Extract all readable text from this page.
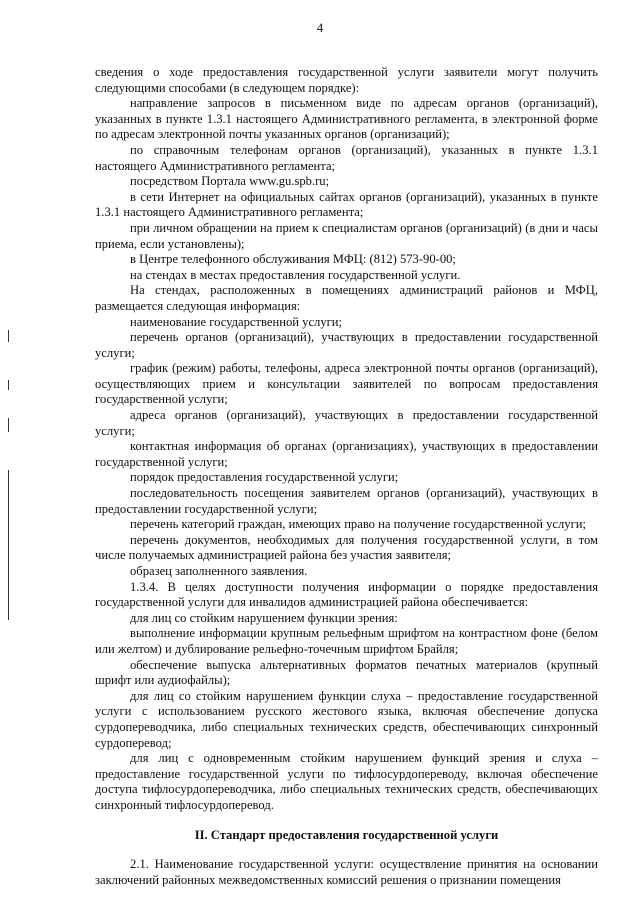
4

сведения о ходе предоставления государственной услуги заявители могут получить следующими способами (в следующем порядке):

направление запросов в письменном виде по адресам органов (организаций), указанных в пункте 1.3.1 настоящего Административного регламента, в электронной форме по адресам электронной почты указанных органов (организаций);

по справочным телефонам органов (организаций), указанных в пункте 1.3.1 настоящего Административного регламента;

посредством Портала www.gu.spb.ru;

в сети Интернет на официальных сайтах органов (организаций), указанных в пункте 1.3.1 настоящего Административного регламента;

при личном обращении на прием к специалистам органов (организаций) (в дни и часы приема, если установлены);

в Центре телефонного обслуживания МФЦ: (812) 573-90-00;

на стендах в местах предоставления государственной услуги.

На стендах, расположенных в помещениях администраций районов и МФЦ, размещается следующая информация:

наименование государственной услуги;

перечень органов (организаций), участвующих в предоставлении государственной услуги;

график (режим) работы, телефоны, адреса электронной почты органов (организаций), осуществляющих прием и консультации заявителей по вопросам предоставления государственной услуги;

адреса органов (организаций), участвующих в предоставлении государственной услуги;

контактная информация об органах (организациях), участвующих в предоставлении государственной услуги;

порядок предоставления государственной услуги;

последовательность посещения заявителем органов (организаций), участвующих в предоставлении государственной услуги;

перечень категорий граждан, имеющих право на получение государственной услуги;

перечень документов, необходимых для получения государственной услуги, в том числе получаемых администрацией района без участия заявителя;

образец заполненного заявления.

1.3.4. В целях доступности получения информации о порядке предоставления государственной услуги для инвалидов администрацией района обеспечивается:

для лиц со стойким нарушением функции зрения:

выполнение информации крупным рельефным шрифтом на контрастном фоне (белом или желтом) и дублирование рельефно-точечным шрифтом Брайля;

обеспечение выпуска альтернативных форматов печатных материалов (крупный шрифт или аудиофайлы);

для лиц со стойким нарушением функции слуха – предоставление государственной услуги с использованием русского жестового языка, включая обеспечение допуска сурдопереводчика, либо специальных технических средств, обеспечивающих синхронный сурдоперевод;

для лиц с одновременным стойким нарушением функций зрения и слуха – предоставление государственной услуги по тифлосурдопереводу, включая обеспечение доступа тифлосурдопереводчика, либо специальных технических средств, обеспечивающих синхронный тифлосурдоперевод.

II. Стандарт предоставления государственной услуги

2.1. Наименование государственной услуги: осуществление принятия на основании заключений районных межведомственных комиссий решения о признании помещения
